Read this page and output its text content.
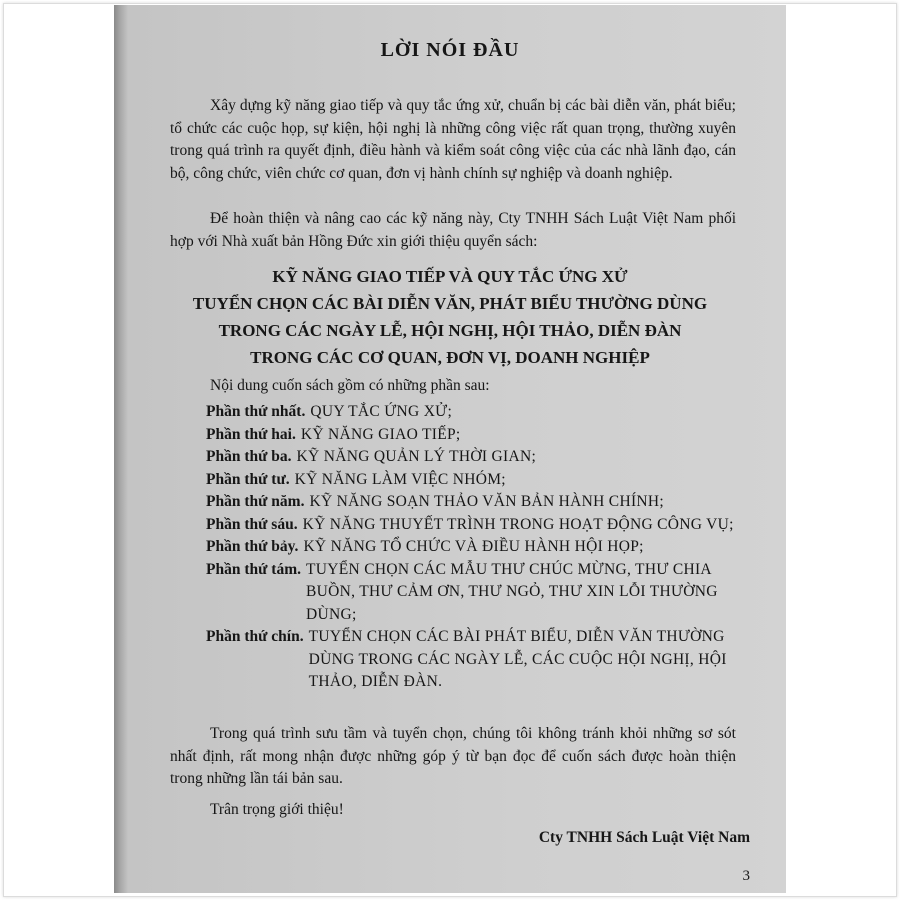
LỜI NÓI ĐẦU

Xây dựng kỹ năng giao tiếp và quy tắc ứng xử, chuẩn bị các bài diễn văn, phát biểu; tổ chức các cuộc họp, sự kiện, hội nghị là những công việc rất quan trọng, thường xuyên trong quá trình ra quyết định, điều hành và kiểm soát công việc của các nhà lãnh đạo, cán bộ, công chức, viên chức cơ quan, đơn vị hành chính sự nghiệp và doanh nghiệp.

Để hoàn thiện và nâng cao các kỹ năng này, Cty TNHH Sách Luật Việt Nam phối hợp với Nhà xuất bản Hồng Đức xin giới thiệu quyển sách:

KỸ NĂNG GIAO TIẾP VÀ QUY TẮC ỨNG XỬ
TUYỂN CHỌN CÁC BÀI DIỄN VĂN, PHÁT BIỂU THƯỜNG DÙNG
TRONG CÁC NGÀY LỄ, HỘI NGHỊ, HỘI THẢO, DIỄN ĐÀN
TRONG CÁC CƠ QUAN, ĐƠN VỊ, DOANH NGHIỆP

Nội dung cuốn sách gồm có những phần sau:

Phần thứ nhất. QUY TẮC ỨNG XỬ;
Phần thứ hai. KỸ NĂNG GIAO TIẾP;
Phần thứ ba. KỸ NĂNG QUẢN LÝ THỜI GIAN;
Phần thứ tư. KỸ NĂNG LÀM VIỆC NHÓM;
Phần thứ năm. KỸ NĂNG SOẠN THẢO VĂN BẢN HÀNH CHÍNH;
Phần thứ sáu. KỸ NĂNG THUYẾT TRÌNH TRONG HOẠT ĐỘNG CÔNG VỤ;
Phần thứ bảy. KỸ NĂNG TỔ CHỨC VÀ ĐIỀU HÀNH HỘI HỌP;
Phần thứ tám. TUYỂN CHỌN CÁC MẪU THƯ CHÚC MỪNG, THƯ CHIA BUỒN, THƯ CẢM ƠN, THƯ NGỎ, THƯ XIN LỖI THƯỜNG DÙNG;
Phần thứ chín. TUYỂN CHỌN CÁC BÀI PHÁT BIỂU, DIỄN VĂN THƯỜNG DÙNG TRONG CÁC NGÀY LỄ, CÁC CUỘC HỘI NGHỊ, HỘI THẢO, DIỄN ĐÀN.

Trong quá trình sưu tầm và tuyển chọn, chúng tôi không tránh khỏi những sơ sót nhất định, rất mong nhận được những góp ý từ bạn đọc để cuốn sách được hoàn thiện trong những lần tái bản sau.

Trân trọng giới thiệu!

Cty TNHH Sách Luật Việt Nam

3
